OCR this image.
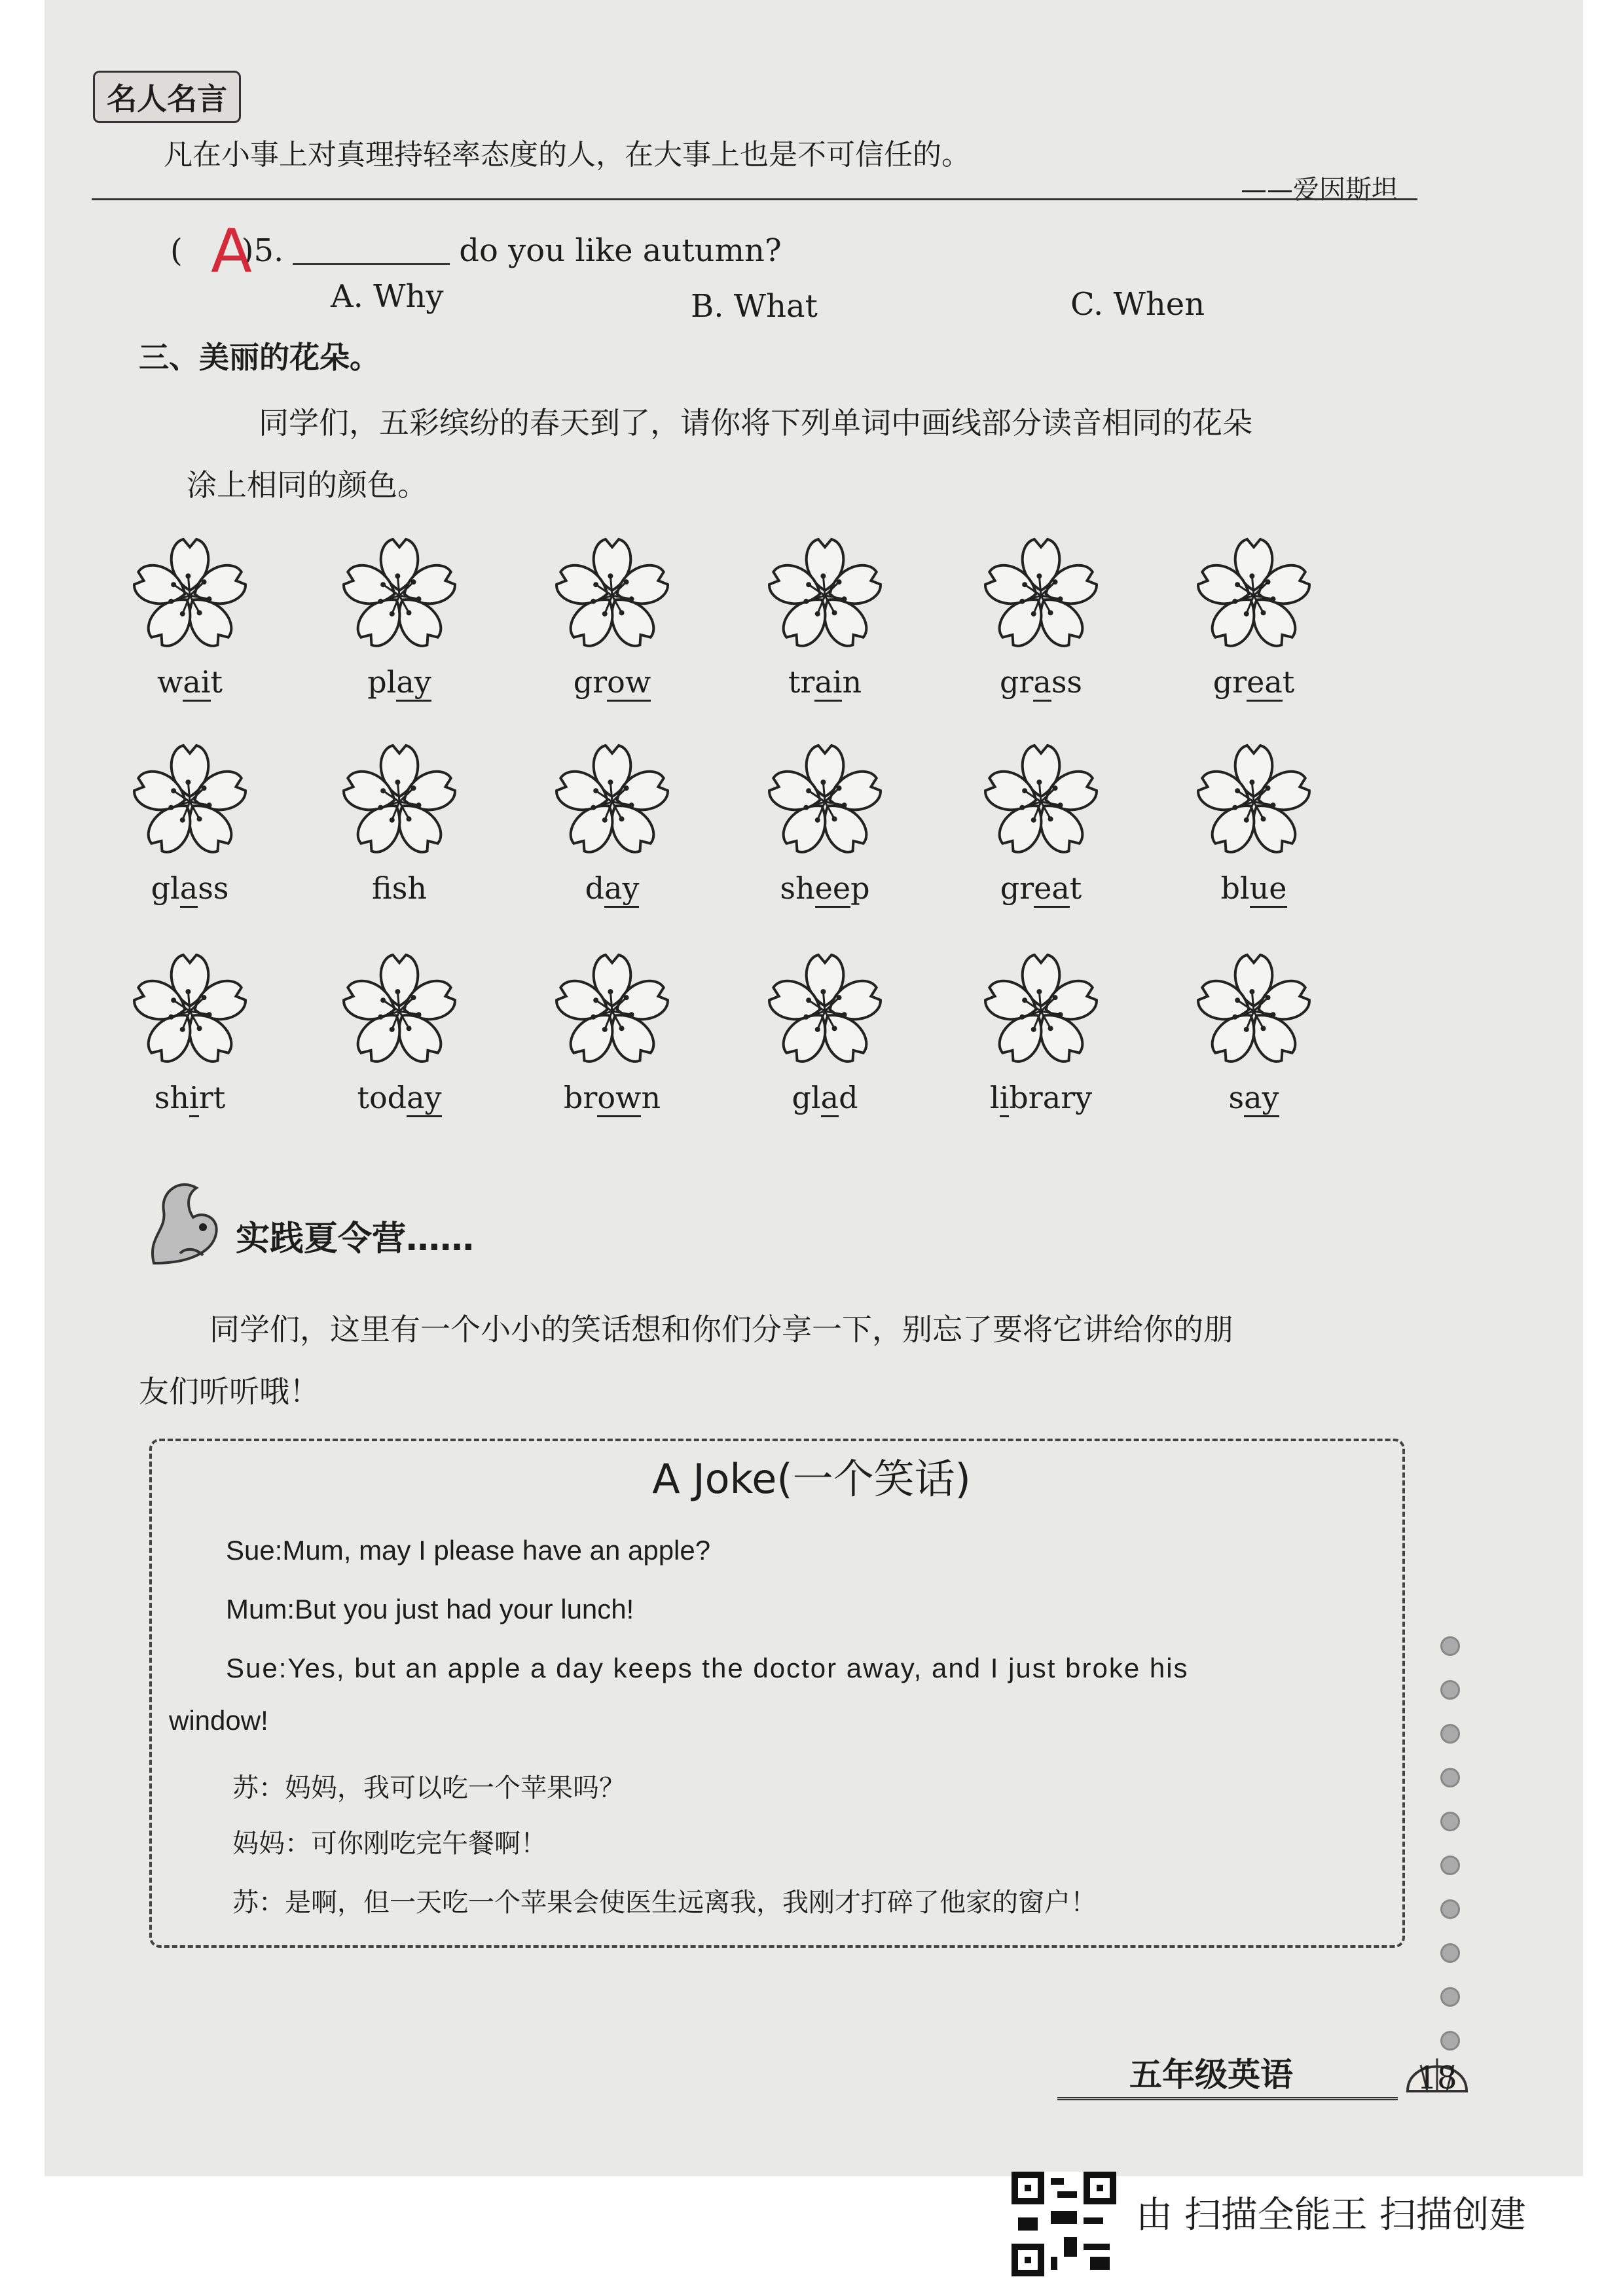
名人名言
凡在小事上对真理持轻率态度的人，在大事上也是不可信任的。
——爱因斯坦
( )5.	do you like autumn?
A
A. Why	B. What	C. When
三、美丽的花朵。
同学们，五彩缤纷的春天到了，请你将下列单词中画线部分读音相同的花朵
涂上相同的颜色。
wait	play	grow	train	grass	great
glass	fsh	day	sheep	great	blue
shirt	today	brown	glad	library	say
实践夏令营……
同学们，这里有一个小小的笑话想和你们分享一下，别忘了要将它讲给你的朋
友们听听哦！
A Joke(一个笑话)
Sue:Mum, may I please have an apple?
Mum:But you just had your lunch!
Sue:Yes, but an apple a day keeps the doctor away, and I just broke his
window!
苏：妈妈，我可以吃一个苹果吗？
妈妈：可你刚吃完午餐啊！
苏：是啊，但一天吃一个苹果会使医生远离我，我刚才打碎了他家的窗户！
五年级英语	18
由 扫描全能王 扫描创建
